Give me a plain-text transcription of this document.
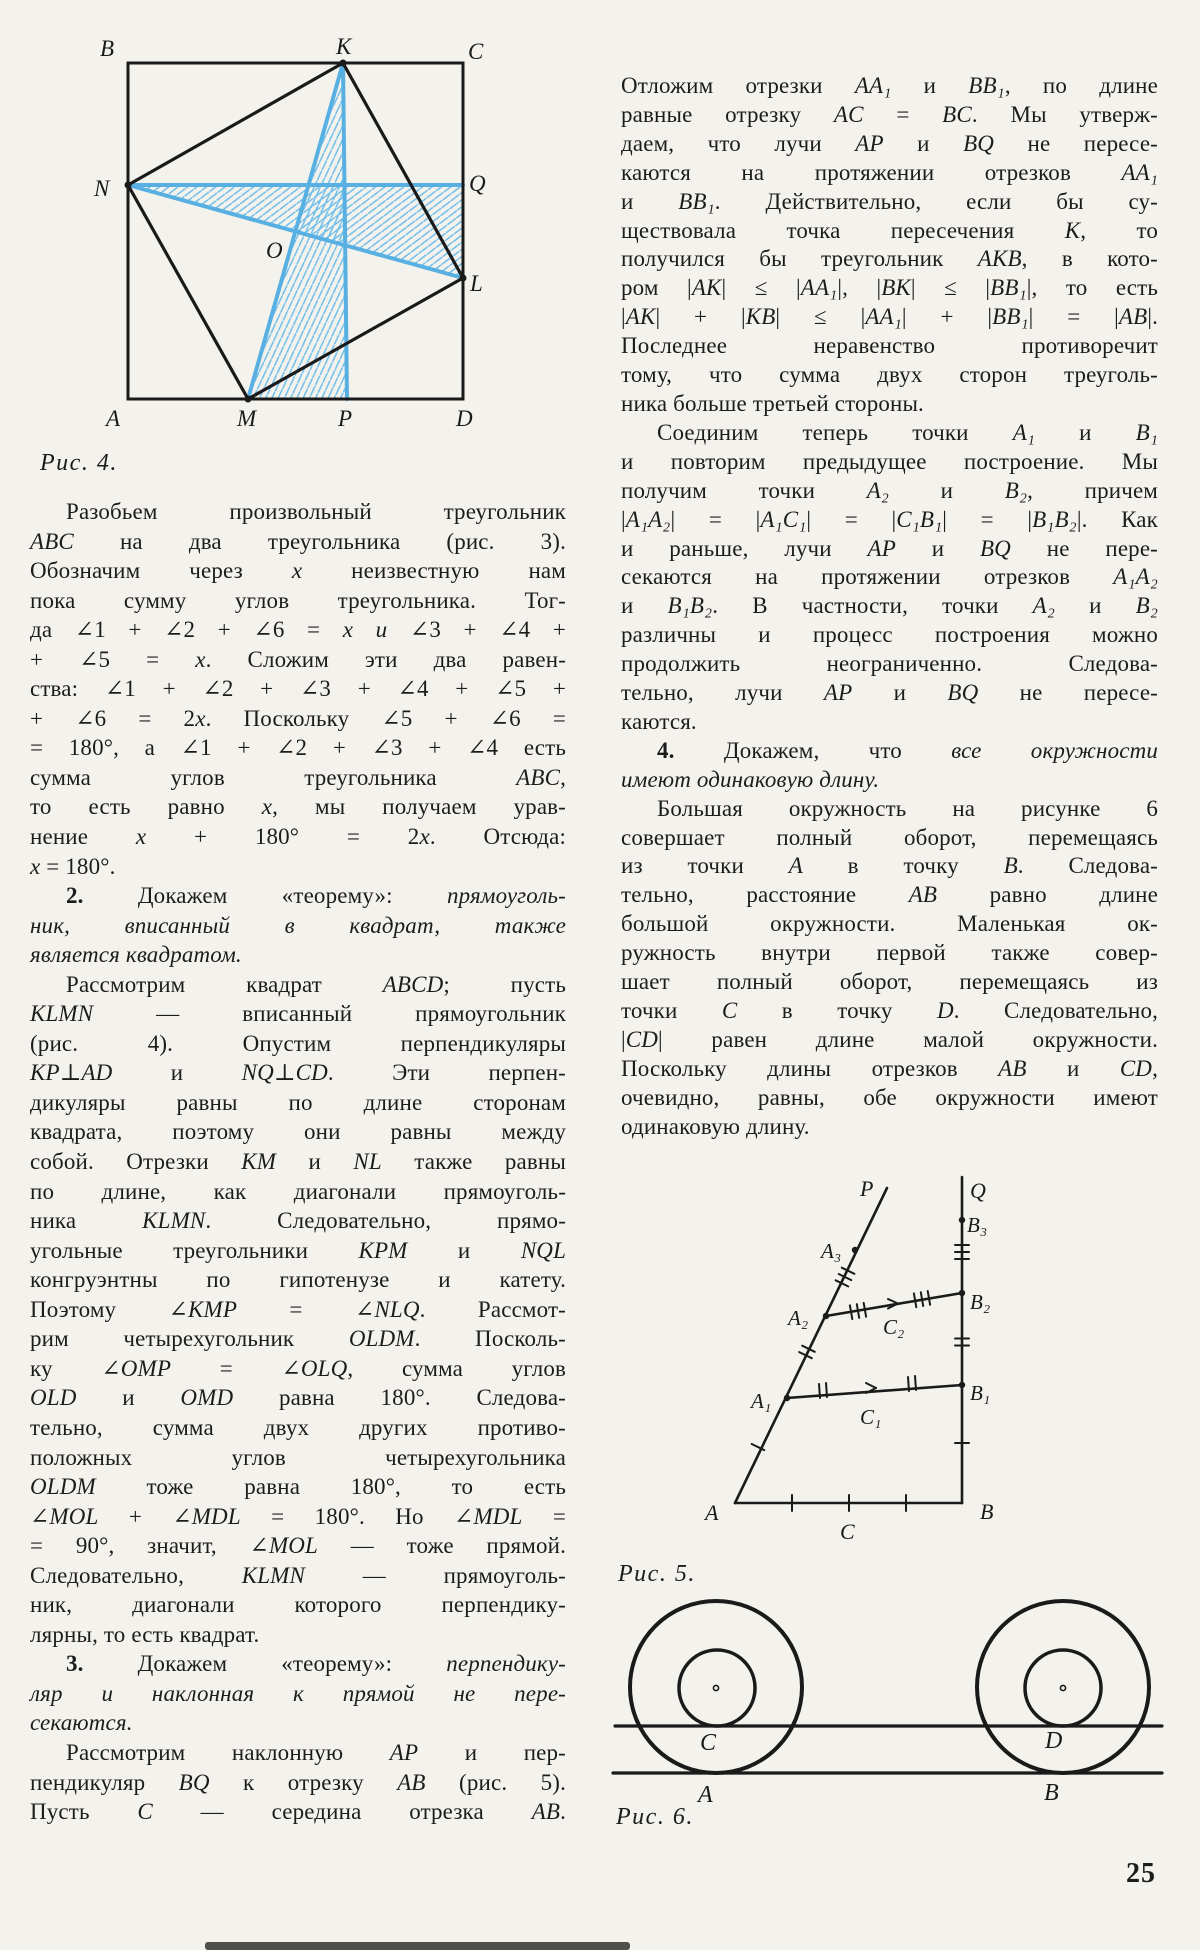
B	K	C
N	Q
O
L
A	M	P	D
Рис. 4.
Разобьем произвольный треугольник
ABC на два треугольника (рис. 3).
Обозначим через x неизвестную нам
пока сумму углов треугольника. Тог-
да ∠1 + ∠2 + ∠6 = x и ∠3 + ∠4 +
+ ∠5 = x. Сложим эти два равен-
ства: ∠1 + ∠2 + ∠3 + ∠4 + ∠5 +
+ ∠6 = 2x. Поскольку ∠5 + ∠6 =
= 180°, а ∠1 + ∠2 + ∠3 + ∠4 есть
сумма углов треугольника ABC,
то есть равно x, мы получаем урав-
нение x + 180° = 2x. Отсюда:
x = 180°.
2. Докажем «теорему»: прямоуголь-
ник, вписанный в квадрат, также
является квадратом.
Рассмотрим квадрат ABCD; пусть
KLMN — вписанный прямоугольник
(рис. 4). Опустим перпендикуляры
KP⊥AD и NQ⊥CD. Эти перпен-
дикуляры равны по длине сторонам
квадрата, поэтому они равны между
собой. Отрезки KM и NL также равны
по длине, как диагонали прямоуголь-
ника KLMN. Следовательно, прямо-
угольные треугольники KPM и NQL
конгруэнтны по гипотенузе и катету.
Поэтому ∠KMP = ∠NLQ. Рассмот-
рим четырехугольник OLDM. Посколь-
ку ∠OMP = ∠OLQ, сумма углов
OLD и OMD равна 180°. Следова-
тельно, сумма двух других противо-
положных углов четырехугольника
OLDM тоже равна 180°, то есть
∠MOL + ∠MDL = 180°. Но ∠MDL =
= 90°, значит, ∠MOL — тоже прямой.
Следовательно, KLMN — прямоуголь-
ник, диагонали которого перпендику-
лярны, то есть квадрат.
3. Докажем «теорему»: перпендику-
ляр и наклонная к прямой не пере-
секаются.
Рассмотрим наклонную AP и пер-
пендикуляр BQ к отрезку AB (рис. 5).
Пусть C — середина отрезка AB.
Отложим отрезки AA₁ и BB₁, по длине
равные отрезку AC = BC. Мы утверж-
даем, что лучи AP и BQ не пересе-
каются на протяжении отрезков AA₁
и BB₁. Действительно, если бы су-
ществовала точка пересечения K, то
получился бы треугольник AKB, в кото-
ром |AK| ≤ |AA₁|, |BK| ≤ |BB₁|, то есть
|AK| + |KB| ≤ |AA₁| + |BB₁| = |AB|.
Последнее неравенство противоречит
тому, что сумма двух сторон треуголь-
ника больше третьей стороны.
Соединим теперь точки A₁ и B₁
и повторим предыдущее построение. Мы
получим точки A₂ и B₂, причем
|A₁A₂| = |A₁C₁| = |C₁B₁| = |B₁B₂|. Как
и раньше, лучи AP и BQ не пере-
секаются на протяжении отрезков A₁A₂
и B₁B₂. В частности, точки A₂ и B₂
различны и процесс построения можно
продолжить неограниченно. Следова-
тельно, лучи AP и BQ не пересе-
каются.
4. Докажем, что все окружности
имеют одинаковую длину.
Большая окружность на рисунке 6
совершает полный оборот, перемещаясь
из точки A в точку B. Следова-
тельно, расстояние AB равно длине
большой окружности. Маленькая ок-
ружность внутри первой также совер-
шает полный оборот, перемещаясь из
точки C в точку D. Следовательно,
|CD| равен длине малой окружности.
Поскольку длины отрезков AB и CD,
очевидно, равны, обе окружности имеют
одинаковую длину.
P	Q
A₃
A₂
A₁
A
C
B
B₁
B₂
B₃
C₁
C₂
Рис. 5.
C	D
A	B
Рис. 6.
25
